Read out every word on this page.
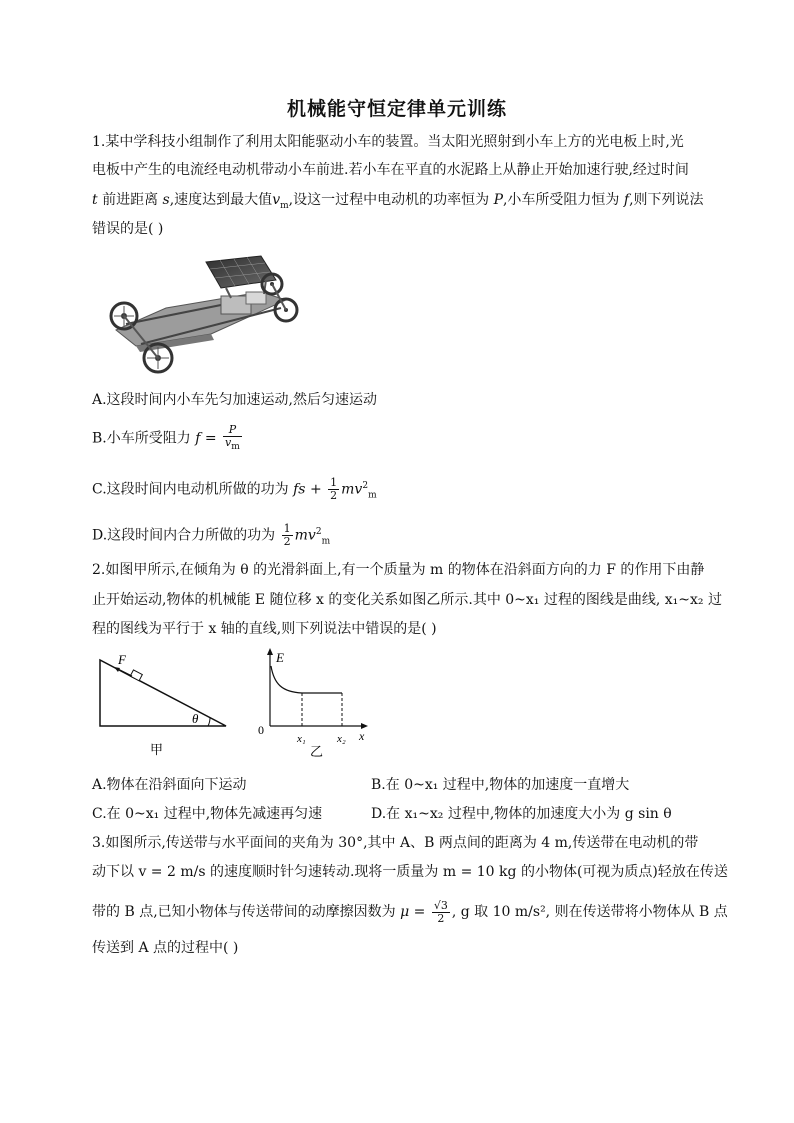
机械能守恒定律单元训练
1.某中学科技小组制作了利用太阳能驱动小车的装置。当太阳光照射到小车上方的光电板上时,光
电板中产生的电流经电动机带动小车前进.若小车在平直的水泥路上从静止开始加速行驶,经过时间
t 前进距离 s,速度达到最大值$v_m$,设这一过程中电动机的功率恒为 P,小车所受阻力恒为 f,则下列说法
错误的是( )
A.这段时间内小车先匀加速运动,然后匀速运动
B.小车所受阻力 $f = \frac{P}{v_m}$
C.这段时间内电动机所做的功为 fs + $\frac{1}{2} mv^2_m$
D.这段时间内合力所做的功为 $\frac{1}{2} mv^2_m$
2.如图甲所示,在倾角为 θ 的光滑斜面上,有一个质量为 m 的物体在沿斜面方向的力 F 的作用下由静
止开始运动,物体的机械能 E 随位移 x 的变化关系如图乙所示.其中 0~x₁ 过程的图线是曲线, x₁~x₂ 过
程的图线为平行于 x 轴的直线,则下列说法中错误的是( )
F
θ
甲
E
0
x₁	x₂ x
乙
A.物体在沿斜面向下运动	B.在 0~x₁ 过程中,物体的加速度一直增大
C.在 0~x₁ 过程中,物体先减速再匀速	D.在 x₁~x₂ 过程中,物体的加速度大小为 g sin θ
3.如图所示,传送带与水平面间的夹角为 30°,其中 A、B 两点间的距离为 4 m,传送带在电动机的带
动下以 v = 2 m/s 的速度顺时针匀速转动.现将一质量为 m = 10 kg 的小物体(可视为质点)轻放在传送
带的 B 点,已知小物体与传送带间的动摩擦因数为 $\mu = \frac{√3}{2}$ , g 取 10 m/s², 则在传送带将小物体从 B 点
传送到 A 点的过程中( )
